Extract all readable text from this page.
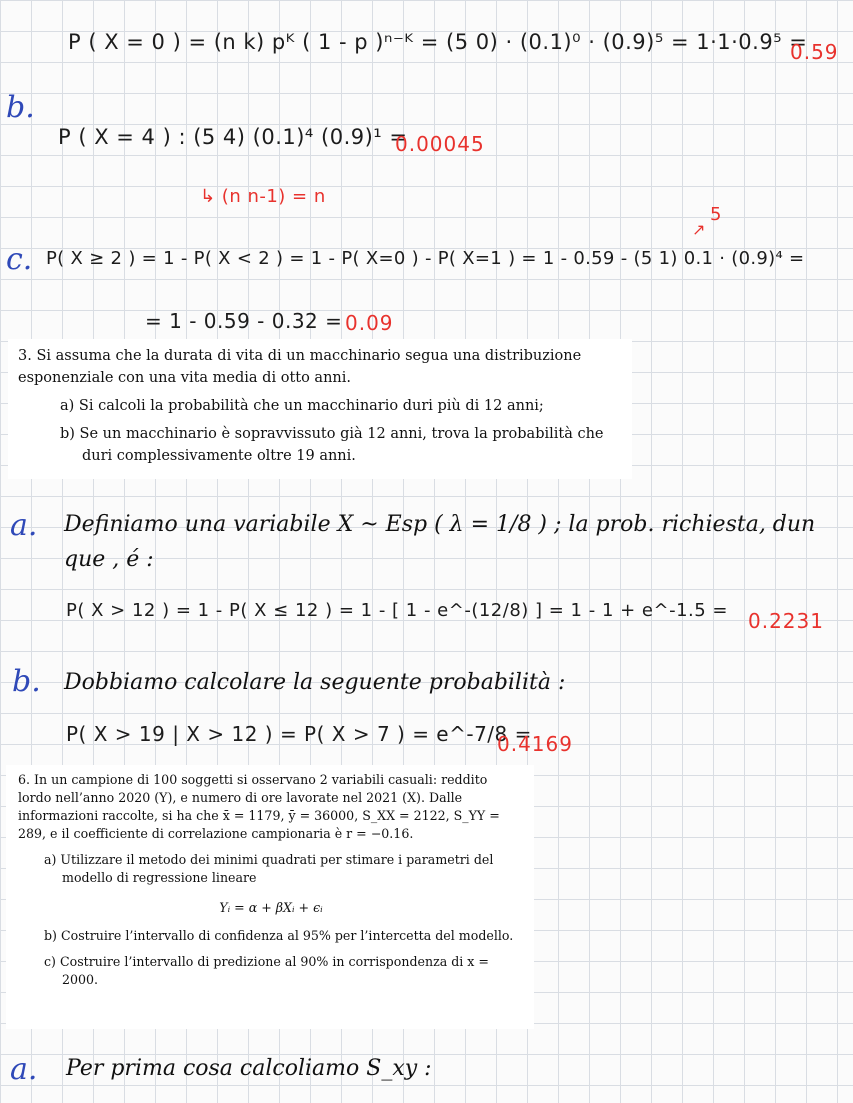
P ( X = 0 ) = (n k) pᴷ ( 1 - p )ⁿ⁻ᴷ = (5 0) · (0.1)⁰ · (0.9)⁵ = 1·1·0.9⁵ =
0.59
b.
P ( X = 4 ) : (5 4) (0.1)⁴ (0.9)¹ =
0.00045
↳ (n n-1) = n
c.
5
↗
P( X ≥ 2 ) = 1 - P( X < 2 ) = 1 - P( X=0 ) - P( X=1 ) = 1 - 0.59 - (5 1) 0.1 · (0.9)⁴ =
= 1 - 0.59 - 0.32 = 0.09
3. Si assuma che la durata di vita di un macchinario segua una distribuzione esponenziale con una vita media di otto anni.
a) Si calcoli la probabilità che un macchinario duri più di 12 anni;
b) Se un macchinario è sopravvissuto già 12 anni, trova la probabilità che duri complessivamente oltre 19 anni.
a. Definiamo una variabile X ~ Esp ( λ = 1/8 ) ; la prob. richiesta, dun
que , é :
P( X > 12 ) = 1 - P( X ≤ 12 ) = 1 - [ 1 - e^-(12/8) ] = 1 - 1 + e^-1.5 = 0.2231
b. Dobbiamo calcolare la seguente probabilità :
P( X > 19 | X > 12 ) = P( X > 7 ) = e^-7/8 =
0.4169
6. In un campione di 100 soggetti si osservano 2 variabili casuali: reddito lordo nell’anno 2020 (Y), e numero di ore lavorate nel 2021 (X). Dalle informazioni raccolte, si ha che x̄ = 1179, ȳ = 36000, S_XX = 2122, S_YY = 289, e il coefficiente di correlazione campionaria è r = −0.16.
a) Utilizzare il metodo dei minimi quadrati per stimare i parametri del modello di regressione lineare
Yᵢ = α + βXᵢ + ϵᵢ
b) Costruire l’intervallo di confidenza al 95% per l’intercetta del modello.
c) Costruire l’intervallo di predizione al 90% in corrispondenza di x = 2000.
a. Per prima cosa calcoliamo S_xy :
